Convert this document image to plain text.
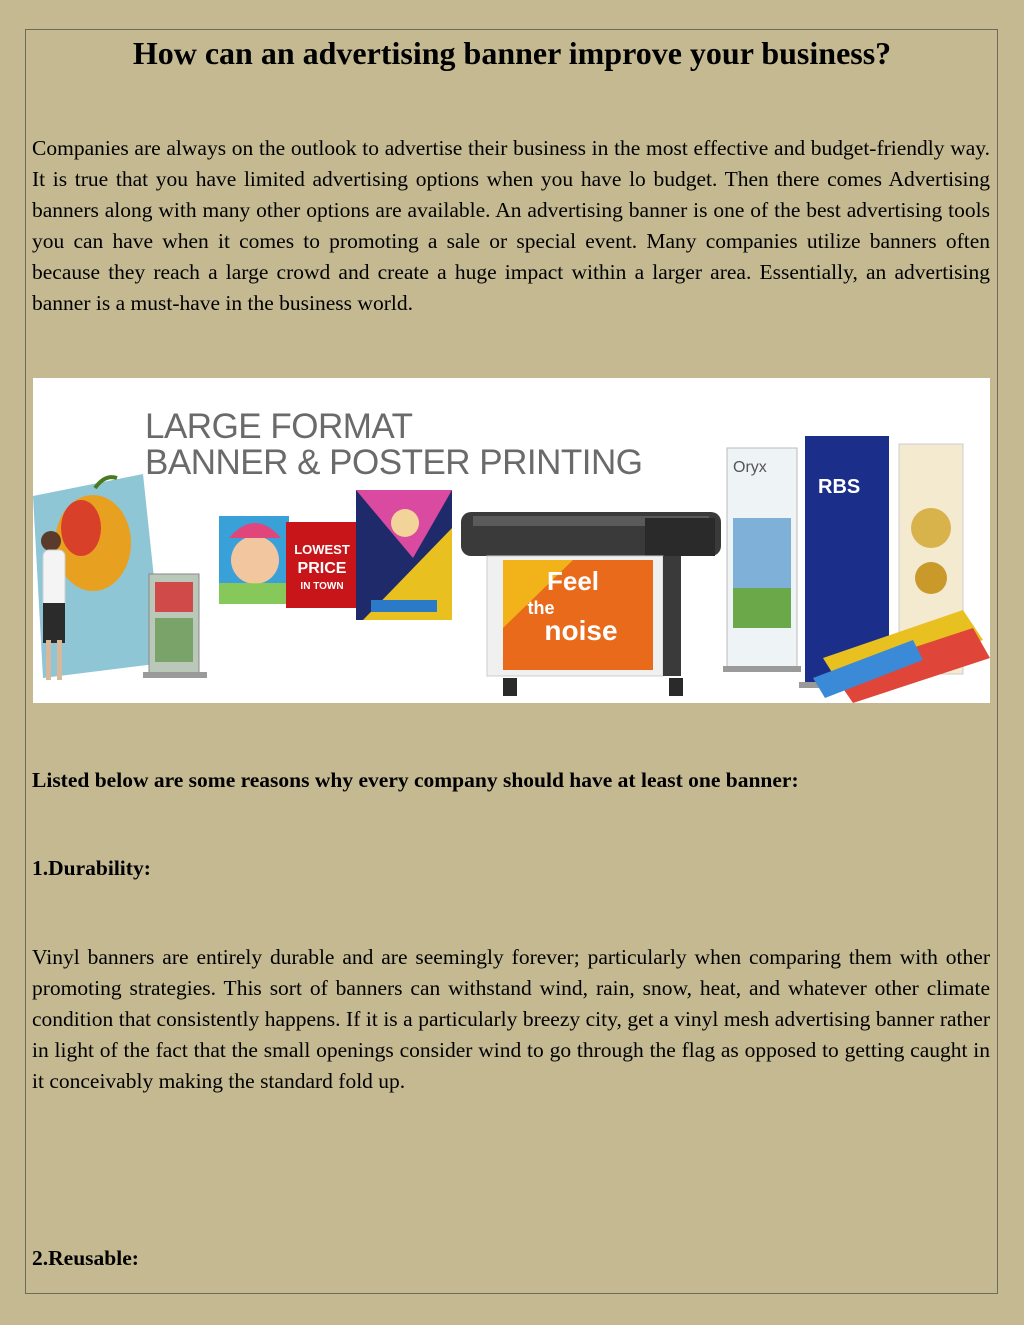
How can an advertising banner improve your business?

Companies are always on the outlook to advertise their business in the most effective and budget-friendly way. It is true that you have limited advertising options when you have lo budget. Then there comes Advertising banners along with many other options are available. An advertising banner is one of the best advertising tools you can have when it comes to promoting a sale or special event. Many companies utilize banners often because they reach a large crowd and create a huge impact within a larger area. Essentially, an advertising banner is a must-have in the business world.

LARGE FORMAT
BANNER & POSTER PRINTING
LOWEST
PRICE
IN TOWN	Feel
the
noise
Oryx
RBS

Listed below are some reasons why every company should have at least one banner:

1.Durability:

Vinyl banners are entirely durable and are seemingly forever; particularly when comparing them with other promoting strategies. This sort of banners can withstand wind, rain, snow, heat, and whatever other climate condition that consistently happens. If it is a particularly breezy city, get a vinyl mesh advertising banner rather in light of the fact that the small openings consider wind to go through the flag as opposed to getting caught in it conceivably making the standard fold up.

2.Reusable:
